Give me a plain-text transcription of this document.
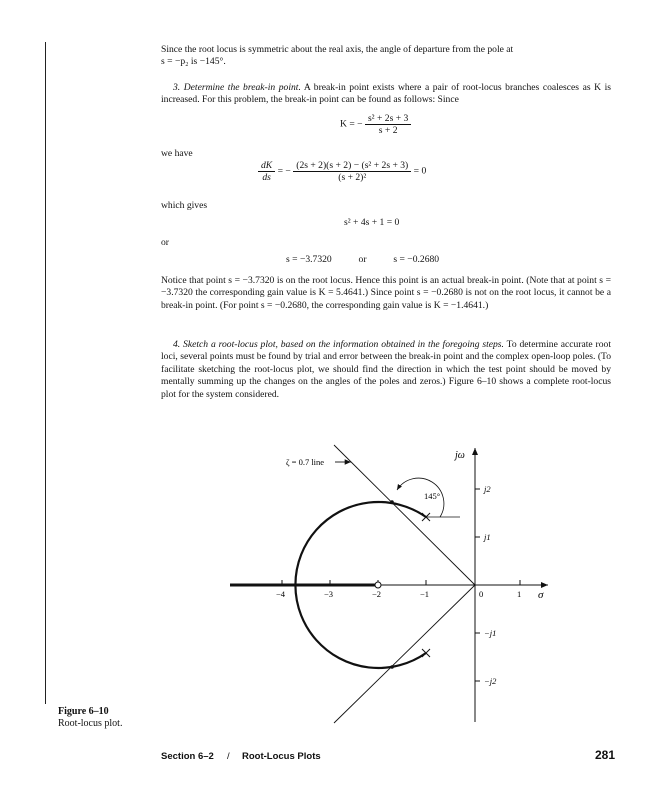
Since the root locus is symmetric about the real axis, the angle of departure from the pole at

s = −p₂ is −145°.

3. Determine the break-in point. A break-in point exists where a pair of root-locus branches coalesces as K is increased. For this problem, the break-in point can be found as follows: Since
K = − $\frac{\text{s² + 2s + 3}}{s + 2}$
we have
$\frac{dK}{ds}$ = − $\frac{\text{(2s + 2)(s + 2) − (s² + 2s + 3)}}{\text{(s + 2)²}} = 0$
which gives
s² + 4s + 1 = 0
or
s = −3.7320	or	s = −0.2680
Notice that point s = −3.7320 is on the root locus. Hence this point is an actual break-in point. (Note that at point s = −3.7320 the corresponding gain value is K = 5.4641.) Since point s = −0.2680 is not on the root locus, it cannot be a break-in point. (For point s = −0.2680, the corresponding gain value is K = −1.4641.)
4. Sketch a root-locus plot, based on the information obtained in the foregoing steps. To determine accurate root loci, several points must be found by trial and error between the break-in point and the complex open-loop poles. (To facilitate sketching the root-locus plot, we should find the direction in which the test point should be moved by mentally summing up the changes on the angles of the poles and zeros.) Figure 6–10 shows a complete root-locus plot for the system considered.
jω
σ
−4	−3	−2	−1	0	1
j2
j1
−j1
−j2
ζ = 0.7 line
145°
Figure 6–10
Root-locus plot.
Section 6–2 / Root-Locus Plots	281
